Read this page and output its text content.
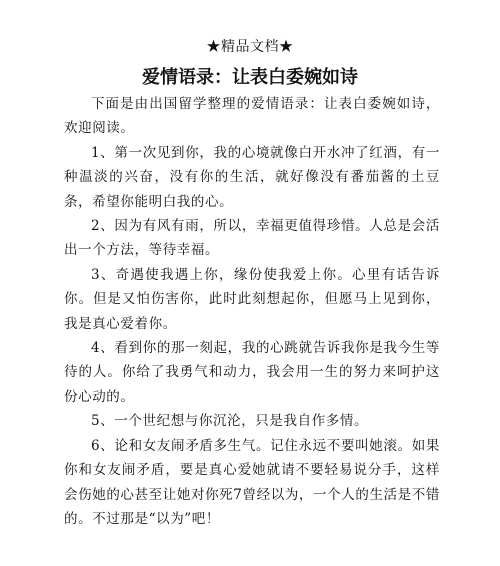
★精品文档★
爱情语录：让表白委婉如诗

下面是由出国留学整理的爱情语录：让表白委婉如诗，欢迎阅读。

1、第一次见到你，我的心境就像白开水冲了红酒，有一种温淡的兴奋，没有你的生活，就好像没有番茄酱的土豆条，希望你能明白我的心。

2、因为有风有雨，所以，幸福更值得珍惜。人总是会活出一个方法，等待幸福。

3、奇遇使我遇上你，缘份使我爱上你。心里有话告诉你。但是又怕伤害你，此时此刻想起你，但愿马上见到你，我是真心爱着你。

4、看到你的那一刻起，我的心跳就告诉我你是我今生等待的人。你给了我勇气和动力，我会用一生的努力来呵护这份心动的。

5、一个世纪想与你沉沦，只是我自作多情。

6、论和女友闹矛盾多生气。记住永远不要叫她滚。如果你和女友闹矛盾，要是真心爱她就请不要轻易说分手，这样会伤她的心甚至让她对你死7曾经以为，一个人的生活是不错的。不过那是“以为”吧！
